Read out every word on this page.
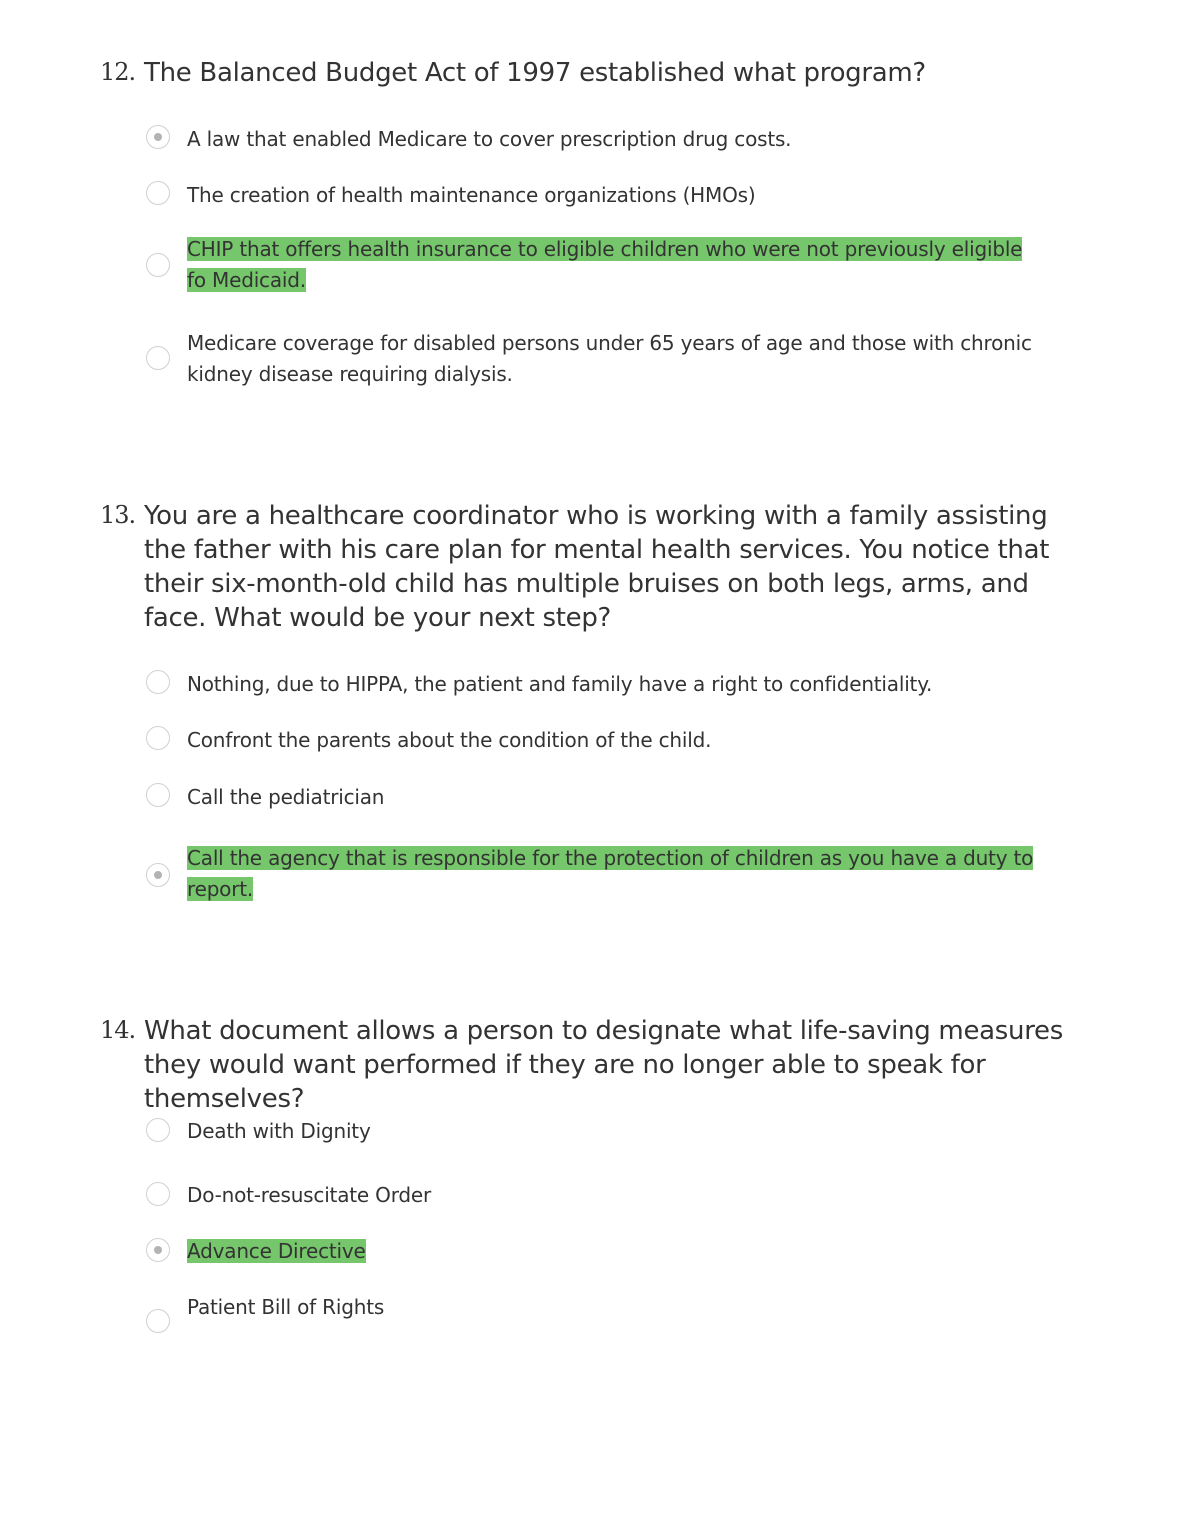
12. The Balanced Budget Act of 1997 established what program?
A law that enabled Medicare to cover prescription drug costs.
The creation of health maintenance organizations (HMOs)
CHIP that offers health insurance to eligible children who were not previously eligible fo Medicaid.
Medicare coverage for disabled persons under 65 years of age and those with chronic kidney disease requiring dialysis.
13. You are a healthcare coordinator who is working with a family assisting the father with his care plan for mental health services. You notice that their six-month-old child has multiple bruises on both legs, arms, and face. What would be your next step?
Nothing, due to HIPPA, the patient and family have a right to confidentiality.
Confront the parents about the condition of the child.
Call the pediatrician
Call the agency that is responsible for the protection of children as you have a duty to report.
14. What document allows a person to designate what life-saving measures they would want performed if they are no longer able to speak for themselves?
Death with Dignity
Do-not-resuscitate Order
Advance Directive
Patient Bill of Rights
